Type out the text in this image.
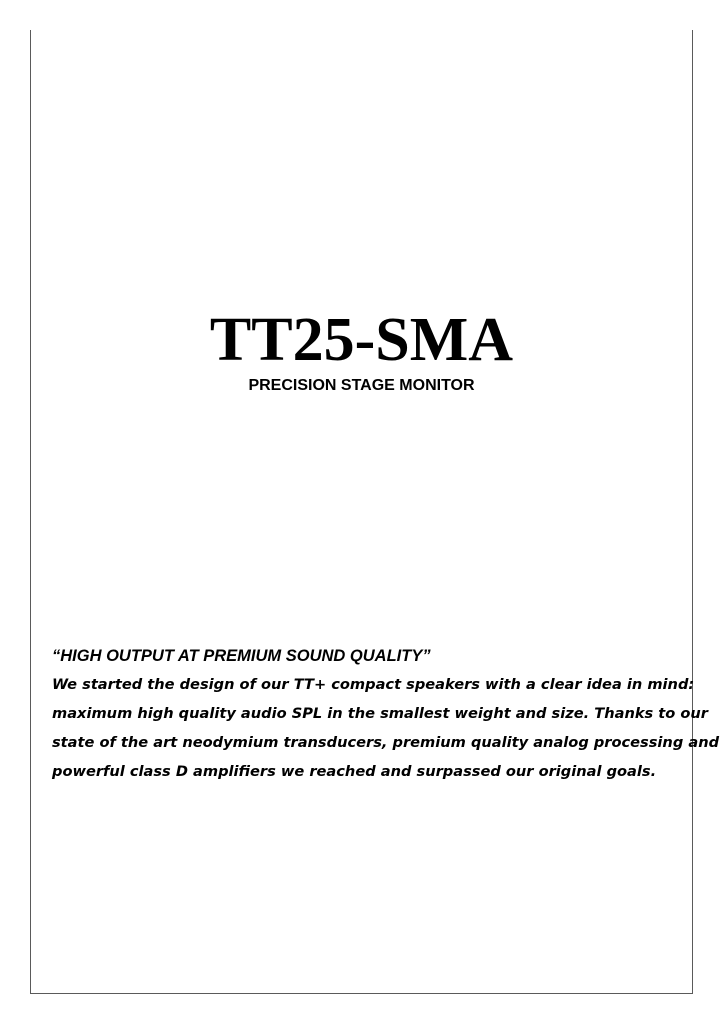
TT25-SMA

PRECISION STAGE MONITOR

“HIGH OUTPUT AT PREMIUM SOUND QUALITY”

We started the design of our TT+ compact speakers with a clear idea in mind:
maximum high quality audio SPL in the smallest weight and size. Thanks to our
state of the art neodymium transducers, premium quality analog processing and
powerful class D amplifiers we reached and surpassed our original goals.
